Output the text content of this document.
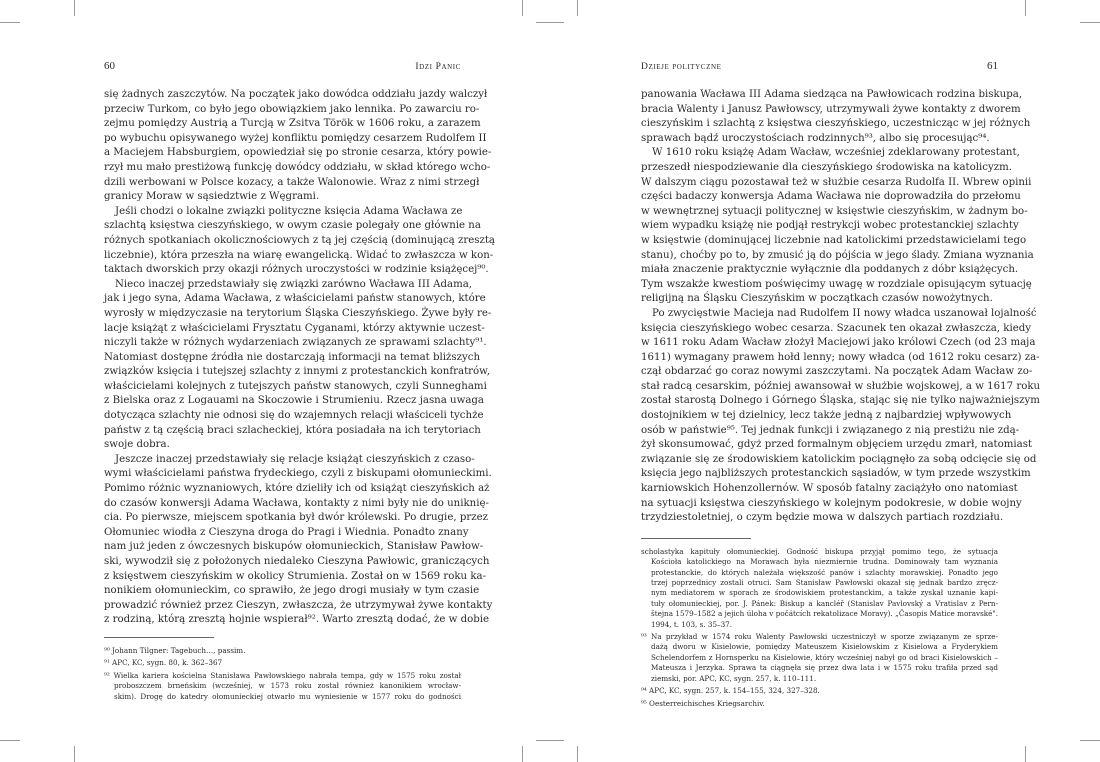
60	Idzi Panic
się żadnych zaszczytów. Na początek jako dowódca oddziału jazdy walczył
przeciw Turkom, co było jego obowiązkiem jako lennika. Po zawarciu ro-
zejmu pomiędzy Austrią a Turcją w Zsitva Török w 1606 roku, a zarazem
po wybuchu opisywanego wyżej konfliktu pomiędzy cesarzem Rudolfem II
a Maciejem Habsburgiem, opowiedział się po stronie cesarza, który powie-
rzył mu mało prestiżową funkcję dowódcy oddziału, w skład którego wcho-
dzili werbowani w Polsce kozacy, a także Walonowie. Wraz z nimi strzegł
granicy Moraw w sąsiedztwie z Węgrami.
Jeśli chodzi o lokalne związki polityczne księcia Adama Wacława ze
szlachtą księstwa cieszyńskiego, w owym czasie polegały one głównie na
różnych spotkaniach okolicznościowych z tą jej częścią (dominującą zresztą
liczebnie), która przeszła na wiarę ewangelicką. Widać to zwłaszcza w kon-
taktach dworskich przy okazji różnych uroczystości w rodzinie książęcej⁹⁰.
Nieco inaczej przedstawiały się związki zarówno Wacława III Adama,
jak i jego syna, Adama Wacława, z właścicielami państw stanowych, które
wyrosły w międzyczasie na terytorium Śląska Cieszyńskiego. Żywe były re-
lacje książąt z właścicielami Frysztatu Cyganami, którzy aktywnie uczest-
niczyli także w różnych wydarzeniach związanych ze sprawami szlachty⁹¹.
Natomiast dostępne źródła nie dostarczają informacji na temat bliższych
związków księcia i tutejszej szlachty z innymi z protestanckich konfratrów,
właścicielami kolejnych z tutejszych państw stanowych, czyli Sunneghami
z Bielska oraz z Logauami na Skoczowie i Strumieniu. Rzecz jasna uwaga
dotycząca szlachty nie odnosi się do wzajemnych relacji właściceli tychże
państw z tą częścią braci szlacheckiej, która posiadała na ich terytoriach
swoje dobra.
Jeszcze inaczej przedstawiały się relacje książąt cieszyńskich z czaso-
wymi właścicielami państwa frydeckiego, czyli z biskupami ołomunieckimi.
Pomimo różnic wyznaniowych, które dzieliły ich od książąt cieszyńskich aż
do czasów konwersji Adama Wacława, kontakty z nimi były nie do uniknię-
cia. Po pierwsze, miejscem spotkania był dwór królewski. Po drugie, przez
Ołomuniec wiodła z Cieszyna droga do Pragi i Wiednia. Ponadto znany
nam już jeden z ówczesnych biskupów ołomunieckich, Stanisław Pawłow-
ski, wywodził się z położonych niedaleko Cieszyna Pawłowic, graniczących
z księstwem cieszyńskim w okolicy Strumienia. Został on w 1569 roku ka-
nonikiem ołomunieckim, co sprawiło, że jego drogi musiały w tym czasie
prowadzić również przez Cieszyn, zwłaszcza, że utrzymywał żywe kontakty
z rodziną, którą zresztą hojnie wspierał⁹². Warto zresztą dodać, że w dobie
⁹⁰ Johann Tilgner: Tagebuch…, passim.
⁹¹ APC, KC, sygn. 80, k. 362–367
⁹² Wielka kariera kościelna Stanisława Pawłowskiego nabrała tempa, gdy w 1575 roku został
proboszczem brneńskim (wcześniej, w 1573 roku został również kanonikiem wrocław-
skim). Drogę do katedry ołomunieckiej otwarło mu wyniesienie w 1577 roku do godności
Dzieje polityczne	61
panowania Wacława III Adama siedząca na Pawłowicach rodzina biskupa,
bracia Walenty i Janusz Pawłowscy, utrzymywali żywe kontakty z dworem
cieszyńskim i szlachtą z księstwa cieszyńskiego, uczestnicząc w jej różnych
sprawach bądź uroczystościach rodzinnych⁹³, albo się procesując⁹⁴.
W 1610 roku książę Adam Wacław, wcześniej zdeklarowany protestant,
przeszedł niespodziewanie dla cieszyńskiego środowiska na katolicyzm.
W dalszym ciągu pozostawał też w służbie cesarza Rudolfa II. Wbrew opinii
części badaczy konwersja Adama Wacława nie doprowadziła do przełomu
w wewnętrznej sytuacji politycznej w księstwie cieszyńskim, w żadnym bo-
wiem wypadku książę nie podjął restrykcji wobec protestanckiej szlachty
w księstwie (dominującej liczebnie nad katolickimi przedstawicielami tego
stanu), choćby po to, by zmusić ją do pójścia w jego ślady. Zmiana wyznania
miała znaczenie praktycznie wyłącznie dla poddanych z dóbr książęcych.
Tym wszakże kwestiom poświęcimy uwagę w rozdziale opisującym sytuację
religijną na Śląsku Cieszyńskim w początkach czasów nowożytnych.
Po zwycięstwie Macieja nad Rudolfem II nowy władca uszanował lojalność
księcia cieszyńskiego wobec cesarza. Szacunek ten okazał zwłaszcza, kiedy
w 1611 roku Adam Wacław złożył Maciejowi jako królowi Czech (od 23 maja
1611) wymagany prawem hołd lenny; nowy władca (od 1612 roku cesarz) za-
czął obdarzać go coraz nowymi zaszczytami. Na początek Adam Wacław zo-
stał radcą cesarskim, później awansował w służbie wojskowej, a w 1617 roku
został starostą Dolnego i Górnego Śląska, stając się nie tylko najważniejszym
dostojnikiem w tej dzielnicy, lecz także jedną z najbardziej wpływowych
osób w państwie⁹⁵. Tej jednak funkcji i związanego z nią prestiżu nie zdą-
żył skonsumować, gdyż przed formalnym objęciem urzędu zmarł, natomiast
związanie się ze środowiskiem katolickim pociągnęło za sobą odcięcie się od
księcia jego najbliższych protestanckich sąsiadów, w tym przede wszystkim
karniowskich Hohenzollernów. W sposób fatalny zaciążyło ono natomiast
na sytuacji księstwa cieszyńskiego w kolejnym podokresie, w dobie wojny
trzydziestoletniej, o czym będzie mowa w dalszych partiach rozdziału.
scholastyka kapituły ołomunieckiej. Godność biskupa przyjął pomimo tego, że sytuacja
Kościoła katolickiego na Morawach była niezmiernie trudna. Dominowały tam wyznania
protestanckie, do których należała większość panów i szlachty morawskiej. Ponadto jego
trzej poprzednicy zostali otruci. Sam Stanisław Pawłowski okazał się jednak bardzo zręcz-
nym mediatorem w sporach ze środowiskiem protestanckim, a także zyskał uznanie kapi-
tuły ołomunieckiej, por. J. Pánek: Biskup a kancléř (Stanislav Pavlovský a Vratislav z Pern-
štejna 1579–1582 a jejich úloha v počátcích rekatolizace Moravy). „Časopis Matice moravské".
1994, t. 103, s. 35–37.
⁹³ Na przykład w 1574 roku Walenty Pawłowski uczestniczył w sporze związanym ze sprze-
dażą dworu w Kisielowie, pomiędzy Mateuszem Kisielowskim z Kisielowa a Fryderykiem
Schelendorfem z Hornsperku na Kisielowie, który wcześniej nabył go od braci Kisielowskich –
Mateusza i Jerzyka. Sprawa ta ciągnęła się przez dwa lata i w 1575 roku trafiła przed sąd
ziemski, por. APC, KC, sygn. 257, k. 110–111.
⁹⁴ APC, KC, sygn. 257, k. 154–155, 324, 327–328.
⁹⁵ Oesterreichisches Kriegsarchiv.
